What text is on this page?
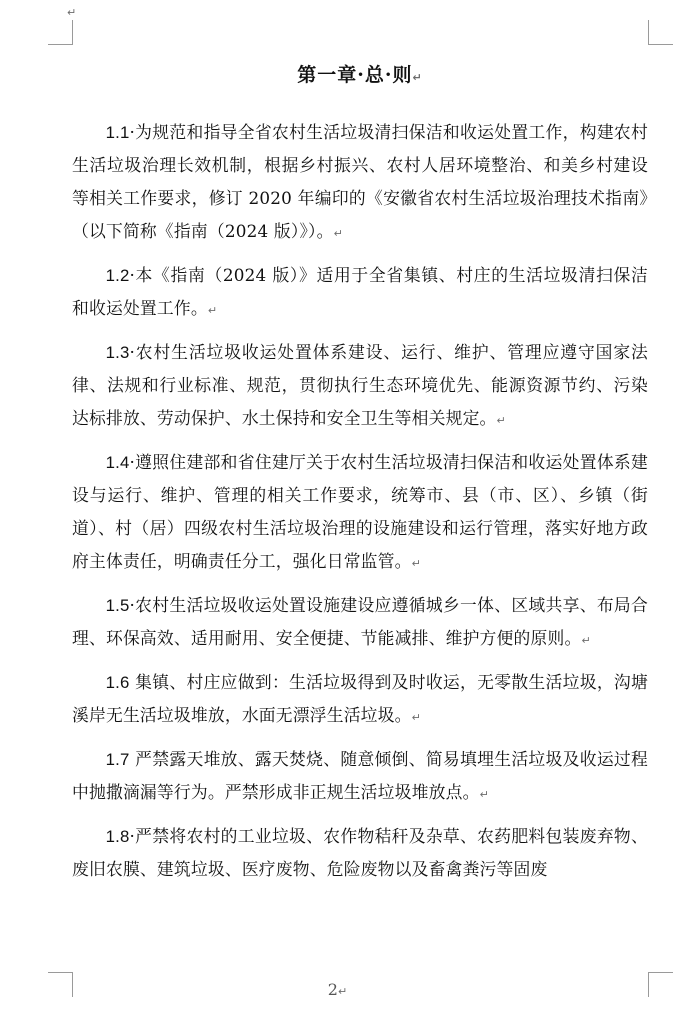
↵
第一章·总·则↵

1.1·为规范和指导全省农村生活垃圾清扫保洁和收运处置工作，构建农村生活垃圾治理长效机制，根据乡村振兴、农村人居环境整治、和美乡村建设等相关工作要求，修订 2020 年编印的《安徽省农村生活垃圾治理技术指南》（以下简称《指南（2024 版）》）。↵

1.2·本《指南（2024 版）》适用于全省集镇、村庄的生活垃圾清扫保洁和收运处置工作。↵

1.3·农村生活垃圾收运处置体系建设、运行、维护、管理应遵守国家法律、法规和行业标准、规范，贯彻执行生态环境优先、能源资源节约、污染达标排放、劳动保护、水土保持和安全卫生等相关规定。↵

1.4·遵照住建部和省住建厅关于农村生活垃圾清扫保洁和收运处置体系建设与运行、维护、管理的相关工作要求，统筹市、县（市、区）、乡镇（街道）、村（居）四级农村生活垃圾治理的设施建设和运行管理，落实好地方政府主体责任，明确责任分工，强化日常监管。↵

1.5·农村生活垃圾收运处置设施建设应遵循城乡一体、区域共享、布局合理、环保高效、适用耐用、安全便捷、节能减排、维护方便的原则。↵

1.6 集镇、村庄应做到：生活垃圾得到及时收运，无零散生活垃圾，沟塘溪岸无生活垃圾堆放，水面无漂浮生活垃圾。↵

1.7 严禁露天堆放、露天焚烧、随意倾倒、简易填埋生活垃圾及收运过程中抛撒滴漏等行为。严禁形成非正规生活垃圾堆放点。↵

1.8·严禁将农村的工业垃圾、农作物秸秆及杂草、农药肥料包装废弃物、废旧农膜、建筑垃圾、医疗废物、危险废物以及畜禽粪污等固废

2↵
